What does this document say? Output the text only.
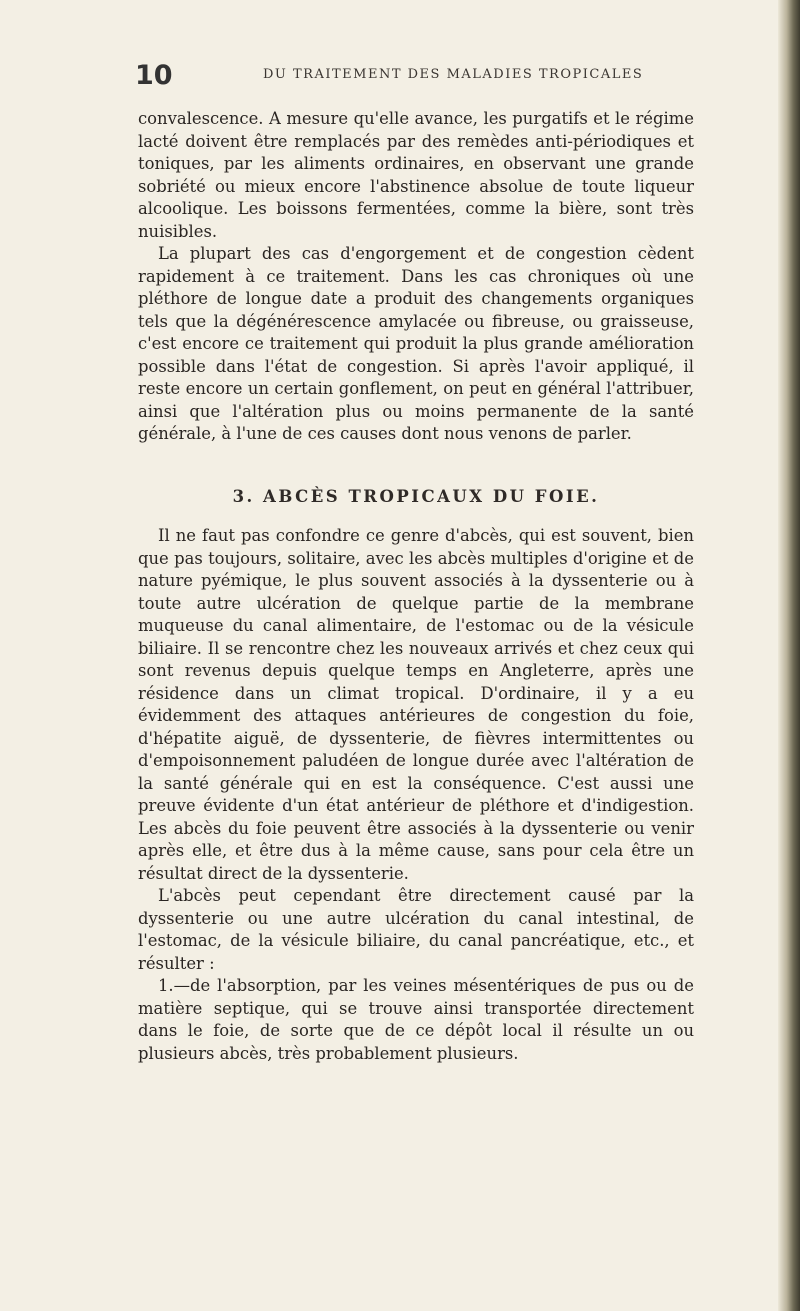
10	DU TRAITEMENT DES MALADIES TROPICALES

convalescence. A mesure qu'elle avance, les purgatifs et le régime lacté doivent être remplacés par des remèdes anti-périodiques et toniques, par les aliments ordinaires, en observant une grande sobriété ou mieux encore l'abstinence absolue de toute liqueur alcoolique. Les boissons fermentées, comme la bière, sont très nuisibles.

La plupart des cas d'engorgement et de congestion cèdent rapidement à ce traitement. Dans les cas chroniques où une pléthore de longue date a produit des changements organiques tels que la dégénérescence amylacée ou fibreuse, ou graisseuse, c'est encore ce traitement qui produit la plus grande amélioration possible dans l'état de congestion. Si après l'avoir appliqué, il reste encore un certain gonflement, on peut en général l'attribuer, ainsi que l'altération plus ou moins permanente de la santé générale, à l'une de ces causes dont nous venons de parler.

3. ABCÈS TROPICAUX DU FOIE.

Il ne faut pas confondre ce genre d'abcès, qui est souvent, bien que pas toujours, solitaire, avec les abcès multiples d'origine et de nature pyémique, le plus souvent associés à la dyssenterie ou à toute autre ulcération de quelque partie de la membrane muqueuse du canal alimentaire, de l'estomac ou de la vésicule biliaire. Il se rencontre chez les nouveaux arrivés et chez ceux qui sont revenus depuis quelque temps en Angleterre, après une résidence dans un climat tropical. D'ordinaire, il y a eu évidemment des attaques antérieures de congestion du foie, d'hépatite aiguë, de dyssenterie, de fièvres intermittentes ou d'empoisonnement paludéen de longue durée avec l'altération de la santé générale qui en est la conséquence. C'est aussi une preuve évidente d'un état antérieur de pléthore et d'indigestion. Les abcès du foie peuvent être associés à la dyssenterie ou venir après elle, et être dus à la même cause, sans pour cela être un résultat direct de la dyssenterie.

L'abcès peut cependant être directement causé par la dyssenterie ou une autre ulcération du canal intestinal, de l'estomac, de la vésicule biliaire, du canal pancréatique, etc., et résulter :

1.—de l'absorption, par les veines mésentériques de pus ou de matière septique, qui se trouve ainsi transportée directement dans le foie, de sorte que de ce dépôt local il résulte un ou plusieurs abcès, très probablement plusieurs.
